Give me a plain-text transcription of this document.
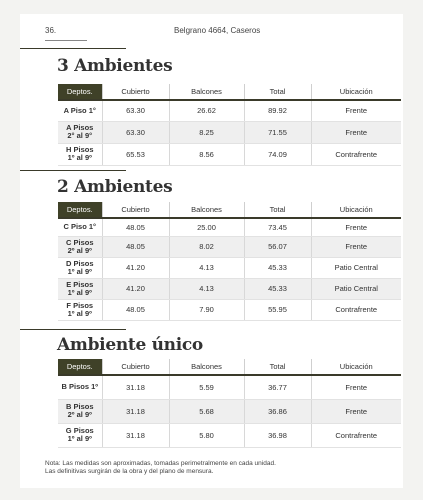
36.	Belgrano 4664, Caseros
3 Ambientes
Deptos.	Cubierto	Balcones	Total	Ubicación
A Piso 1°	63.30	26.62	89.92	Frente
A Pisos
2° al 9°	63.30	8.25	71.55	Frente
H Pisos
1º al 9º	65.53	8.56	74.09	Contrafrente
2 Ambientes
Deptos.	Cubierto	Balcones	Total	Ubicación
C Piso 1°	48.05	25.00	73.45	Frente
C Pisos
2º al 9º	48.05	8.02	56.07	Frente
D Pisos
1º al 9º	41.20	4.13	45.33	Patio Central
E Pisos
1º al 9º	41.20	4.13	45.33	Patio Central
F Pisos
1º al 9º	48.05	7.90	55.95	Contrafrente
Ambiente único
Deptos.	Cubierto	Balcones	Total	Ubicación
B Pisos 1º	31.18	5.59	36.77	Frente
B Pisos
2º al 9º	31.18	5.68	36.86	Frente
G Pisos
1º al 9º	31.18	5.80	36.98	Contrafrente
Nota: Las medidas son aproximadas, tomadas perimetralmente en cada unidad. Las definitivas surgirán de la obra y del plano de mensura.
